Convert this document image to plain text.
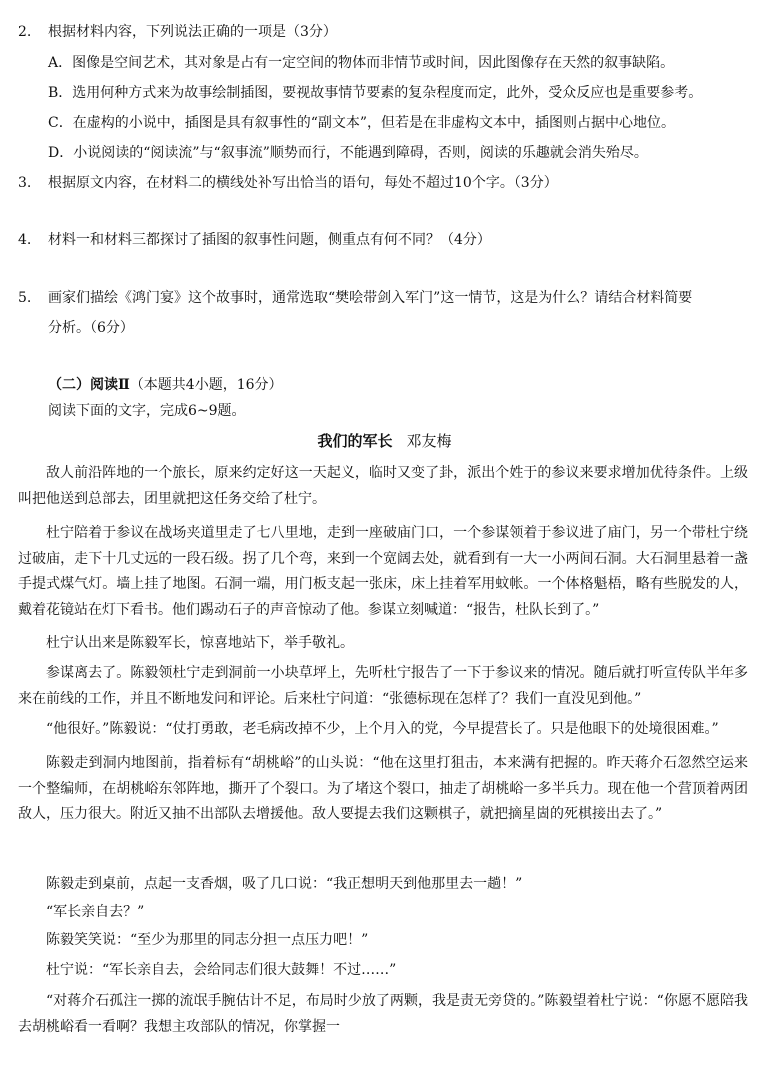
2. 根据材料内容，下列说法正确的一项是（3分）
A．图像是空间艺术，其对象是占有一定空间的物体而非情节或时间，因此图像存在天然的叙事缺陷。
B．选用何种方式来为故事绘制插图，要视故事情节要素的复杂程度而定，此外，受众反应也是重要参考。
C．在虚构的小说中，插图是具有叙事性的“副文本”，但若是在非虚构文本中，插图则占据中心地位。
D．小说阅读的“阅读流”与“叙事流”顺势而行，不能遇到障碍，否则，阅读的乐趣就会消失殆尽。
3. 根据原文内容，在材料二的横线处补写出恰当的语句，每处不超过10个字。（3分）
4. 材料一和材料三都探讨了插图的叙事性问题，侧重点有何不同？（4分）
5. 画家们描绘《鸿门宴》这个故事时，通常选取“樊哙带剑入军门”这一情节，这是为什么？请结合材料简要
分析。（6分）
（二）阅读Ⅱ（本题共4小题，16分）
阅读下面的文字，完成6~9题。
我们的军长 邓友梅
敌人前沿阵地的一个旅长，原来约定好这一天起义，临时又变了卦，派出个姓于的参议来要求增加优待条件。上级叫把他送到总部去，团里就把这任务交给了杜宁。
杜宁陪着于参议在战场夹道里走了七八里地，走到一座破庙门口，一个参谋领着于参议进了庙门，另一个带杜宁绕过破庙，走下十几丈远的一段石级。拐了几个弯，来到一个宽阔去处，就看到有一大一小两间石洞。大石洞里悬着一盏手提式煤气灯。墙上挂了地图。石洞一端，用门板支起一张床，床上挂着军用蚊帐。一个体格魁梧，略有些脱发的人，戴着花镜站在灯下看书。他们踢动石子的声音惊动了他。参谋立刻喊道：“报告，杜队长到了。”
杜宁认出来是陈毅军长，惊喜地站下，举手敬礼。
参谋离去了。陈毅领杜宁走到洞前一小块草坪上，先听杜宁报告了一下于参议来的情况。随后就打听宣传队半年多来在前线的工作，并且不断地发问和评论。后来杜宁问道：“张德标现在怎样了？我们一直没见到他。”
“他很好。”陈毅说：“仗打勇敢，老毛病改掉不少，上个月入的党，今早提营长了。只是他眼下的处境很困难。”
陈毅走到洞内地图前，指着标有“胡桃峪”的山头说：“他在这里打狙击，本来满有把握的。昨天蒋介石忽然空运来一个整编师，在胡桃峪东邻阵地，撕开了个裂口。为了堵这个裂口，抽走了胡桃峪一多半兵力。现在他一个营顶着两团敌人，压力很大。附近又抽不出部队去增援他。敌人要提去我们这颗棋子，就把摘星崮的死棋接出去了。”
陈毅走到桌前，点起一支香烟，吸了几口说：“我正想明天到他那里去一趟！”
“军长亲自去？”
陈毅笑笑说：“至少为那里的同志分担一点压力吧！”
杜宁说：“军长亲自去，会给同志们很大鼓舞！不过……”
“对蒋介石孤注一掷的流氓手腕估计不足，布局时少放了两颗，我是责无旁贷的。”陈毅望着杜宁说：“你愿不愿陪我去胡桃峪看一看啊？我想主攻部队的情况，你掌握一
